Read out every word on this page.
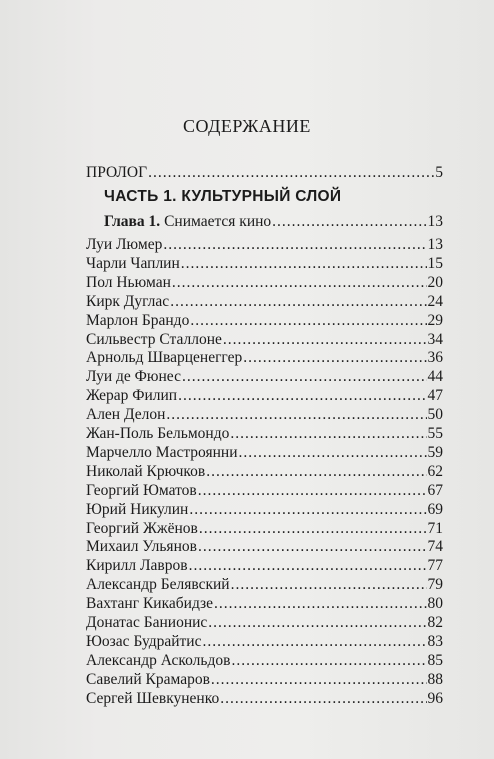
СОДЕРЖАНИЕ
ПРОЛОГ .....	5
ЧАСТЬ 1. КУЛЬТУРНЫЙ СЛОЙ
Глава 1. Снимается кино .....	13
Луи Люмер .....	13
Чарли Чаплин .....	15
Пол Ньюман .....	20
Кирк Дуглас .....	24
Марлон Брандо .....	29
Сильвестр Сталлоне .....	34
Арнольд Шварценеггер .....	36
Луи де Фюнес .....	44
Жерар Филип .....	47
Ален Делон .....	50
Жан-Поль Бельмондо .....	55
Марчелло Мастроянни .....	59
Николай Крючков .....	62
Георгий Юматов .....	67
Юрий Никулин .....	69
Георгий Жжёнов .....	71
Михаил Ульянов .....	74
Кирилл Лавров .....	77
Александр Белявский .....	79
Вахтанг Кикабидзе .....	80
Донатас Банионис .....	82
Юозас Будрайтис .....	83
Александр Аскольдов .....	85
Савелий Крамаров .....	88
Сергей Шевкуненко .....	96
